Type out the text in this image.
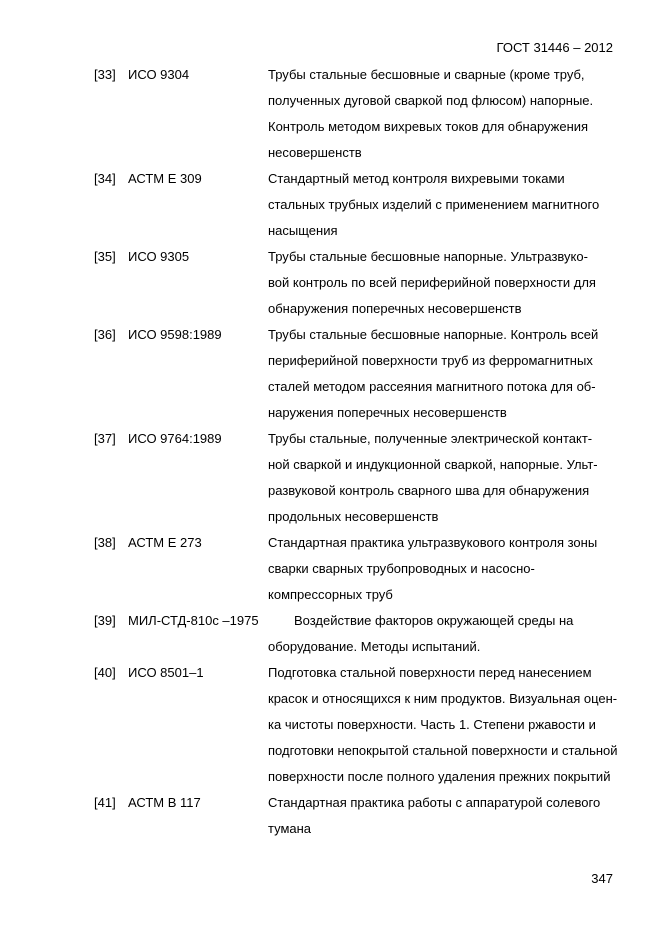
ГОСТ 31446 – 2012
[33] ИСО 9304	Трубы стальные бесшовные и сварные (кроме труб,
полученных дуговой сваркой под флюсом) напорные.
Контроль методом вихревых токов для обнаружения
несовершенств
[34] АСТМ Е 309	Стандартный метод контроля вихревыми токами
стальных трубных изделий с применением магнитного
насыщения
[35] ИСО 9305	Трубы стальные бесшовные напорные. Ультразвуко-
вой контроль по всей периферийной поверхности для
обнаружения поперечных несовершенств
[36] ИСО 9598:1989	Трубы стальные бесшовные напорные. Контроль всей
периферийной поверхности труб из ферромагнитных
сталей методом рассеяния магнитного потока для об-
наружения поперечных несовершенств
[37] ИСО 9764:1989	Трубы стальные, полученные электрической контакт-
ной сваркой и индукционной сваркой, напорные. Ульт-
развуковой контроль сварного шва для обнаружения
продольных несовершенств
[38] АСТМ Е 273	Стандартная практика ультразвукового контроля зоны
сварки сварных трубопроводных и насосно-
компрессорных труб
[39] МИЛ-СТД-810с –1975	Воздействие факторов окружающей среды на
оборудование. Методы испытаний.
[40] ИСО 8501–1	Подготовка стальной поверхности перед нанесением
красок и относящихся к ним продуктов. Визуальная оцен-
ка чистоты поверхности. Часть 1. Степени ржавости и
подготовки непокрытой стальной поверхности и стальной
поверхности после полного удаления прежних покрытий
[41] АСТМ В 117	Стандартная практика работы с аппаратурой солевого
тумана
347
